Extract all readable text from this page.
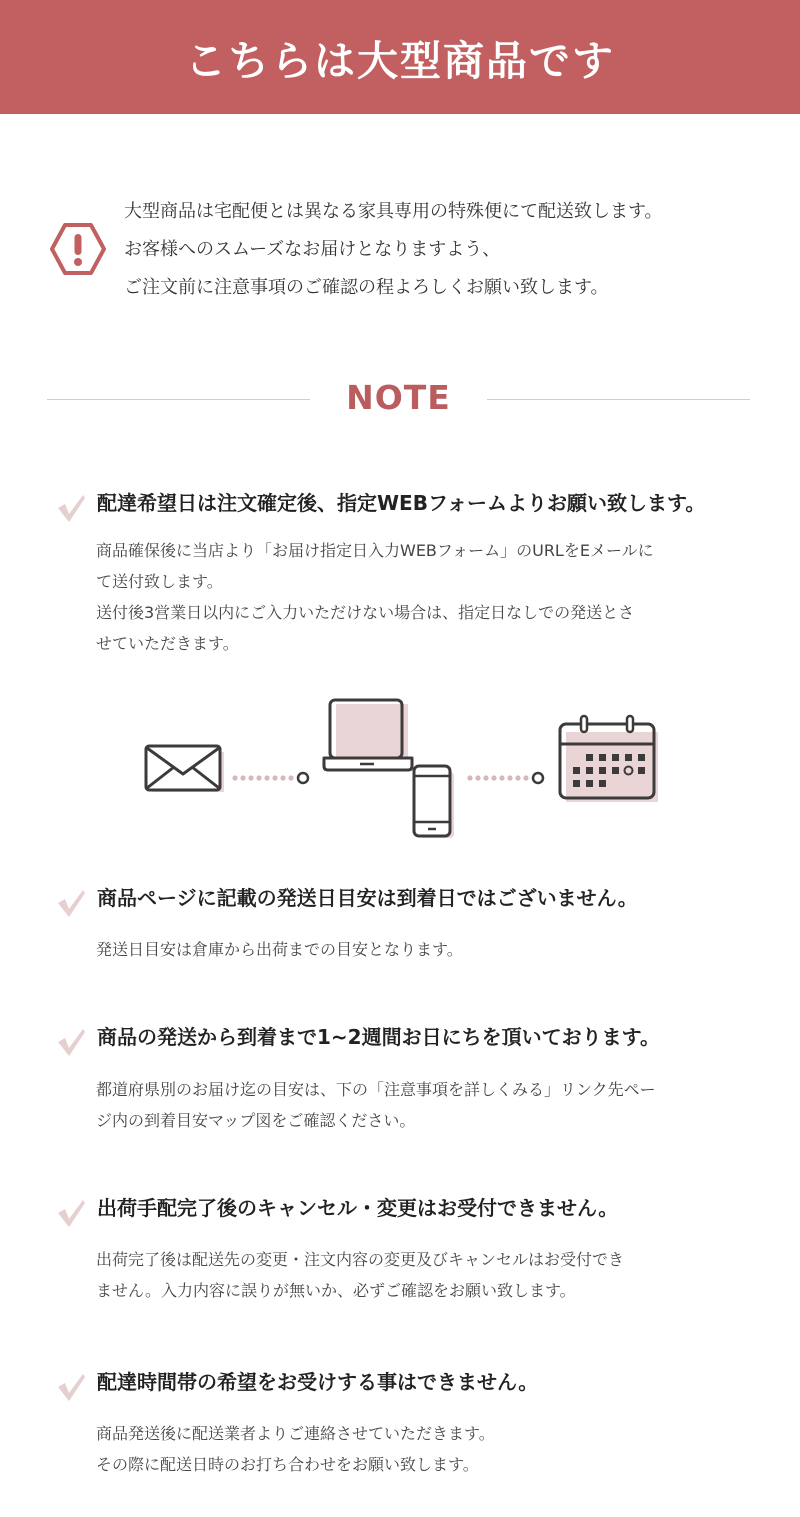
こちらは大型商品です

大型商品は宅配便とは異なる家具専用の特殊便にて配送致します。

お客様へのスムーズなお届けとなりますよう、

ご注文前に注意事項のご確認の程よろしくお願い致します。

NOTE
配達希望日は注文確定後、指定WEBフォームよりお願い致します。

商品確保後に当店より「お届け指定日入力WEBフォーム」のURLをEメールに

て送付致します。

送付後3営業日以内にご入力いただけない場合は、指定日なしでの発送とさ

せていただきます。

商品ページに記載の発送日目安は到着日ではございません。

発送日目安は倉庫から出荷までの目安となります。

商品の発送から到着まで1~2週間お日にちを頂いております。

都道府県別のお届け迄の目安は、下の「注意事項を詳しくみる」リンク先ペー

ジ内の到着目安マップ図をご確認ください。

出荷手配完了後のキャンセル・変更はお受付できません。

出荷完了後は配送先の変更・注文内容の変更及びキャンセルはお受付でき

ません。入力内容に誤りが無いか、必ずご確認をお願い致します。

配達時間帯の希望をお受けする事はできません。

商品発送後に配送業者よりご連絡させていただきます。

その際に配送日時のお打ち合わせをお願い致します。
